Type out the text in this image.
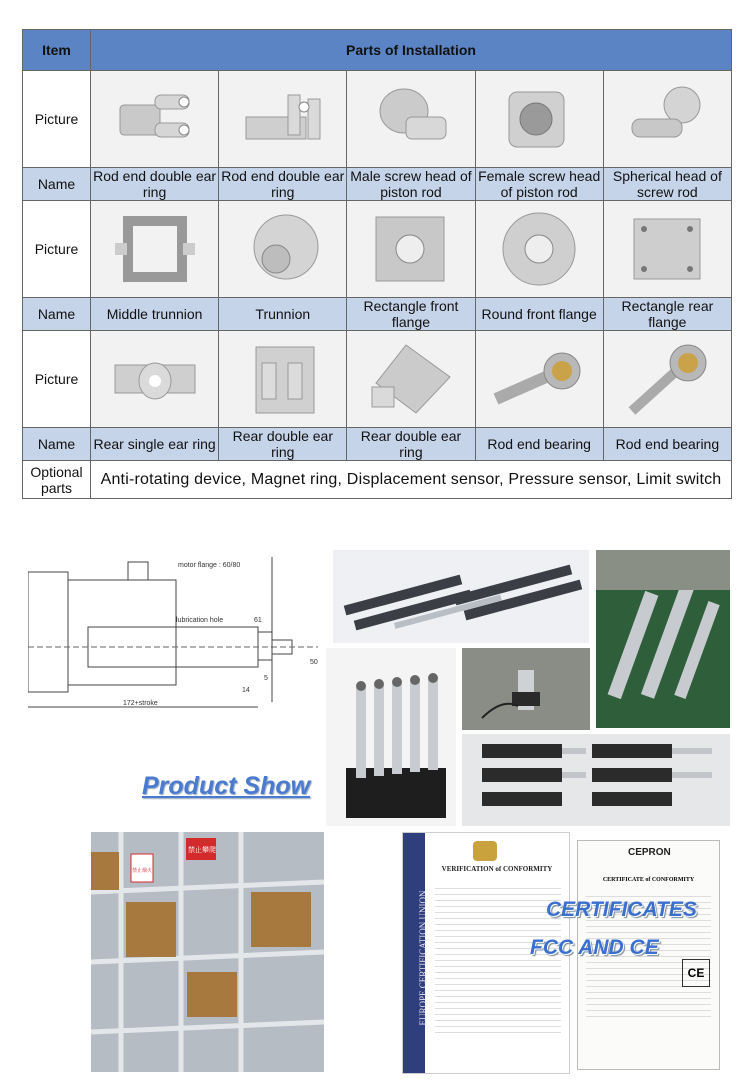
Item	Parts of Installation				
Picture	

Name	Rod end double ear ring	Rod end double ear ring	Male screw head of piston rod	Female screw head of piston rod	Spherical head of screw rod
Picture	

Name	Middle trunnion	Trunnion	Rectangle front flange	Round front flange	Rectangle rear flange
Picture	

Name	Rear single ear ring	Rear double ear ring	Rear double ear ring	Rod end bearing	Rod end bearing
Optional parts	Anti-rotating device, Magnet ring, Displacement sensor, Pressure sensor, Limit switch				
motor flange : 60/80
lubrication hole
172+stroke
14
5
50
61
Product Show
禁止攀爬
禁止烟火
EUROPE CERTIFICATION UNION
VERIFICATION of CONFORMITY
CEPRON
CERTIFICATE of CONFORMITY
CE
CERTIFICATES
FCC AND CE
